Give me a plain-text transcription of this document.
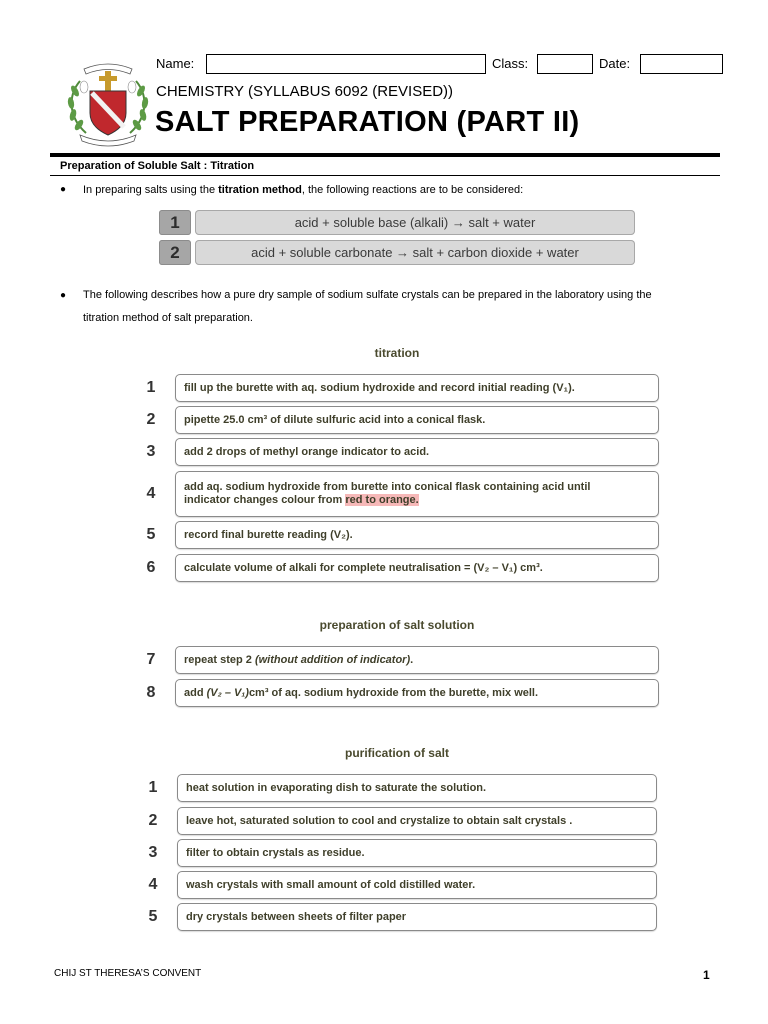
Name:	Class:	Date:
CHEMISTRY (SYLLABUS 6092 (REVISED))
SALT PREPARATION (PART II)
Preparation of Soluble Salt : Titration
● In preparing salts using the titration method, the following reactions are to be considered:
1	acid + soluble base (alkali) → salt + water
2	acid + soluble carbonate → salt + carbon dioxide + water
● The following describes how a pure dry sample of sodium sulfate crystals can be prepared in the laboratory using the
titration method of salt preparation.
titration
1	fill up the burette with aq. sodium hydroxide and record initial reading (V₁).
2	pipette 25.0 cm³ of dilute sulfuric acid into a conical flask.
3	add 2 drops of methyl orange indicator to acid.
4	add aq. sodium hydroxide from burette into conical flask containing acid until
indicator changes colour from red to orange.
5	record final burette reading (V₂).
6	calculate volume of alkali for complete neutralisation = (V₂ – V₁) cm³.
preparation of salt solution
7	repeat step 2
(without addition of indicator) .
8	add
(V₂ – V₁) cm³ of aq. sodium hydroxide from the burette, mix well.
purification of salt
1	heat solution in evaporating dish to saturate the solution.
2	leave hot, saturated solution to cool and crystalize to obtain salt crystals .
3	filter to obtain crystals as residue.
4	wash crystals with small amount of cold distilled water.
5	dry crystals between sheets of filter paper
CHIJ ST THERESA’S CONVENT	1
